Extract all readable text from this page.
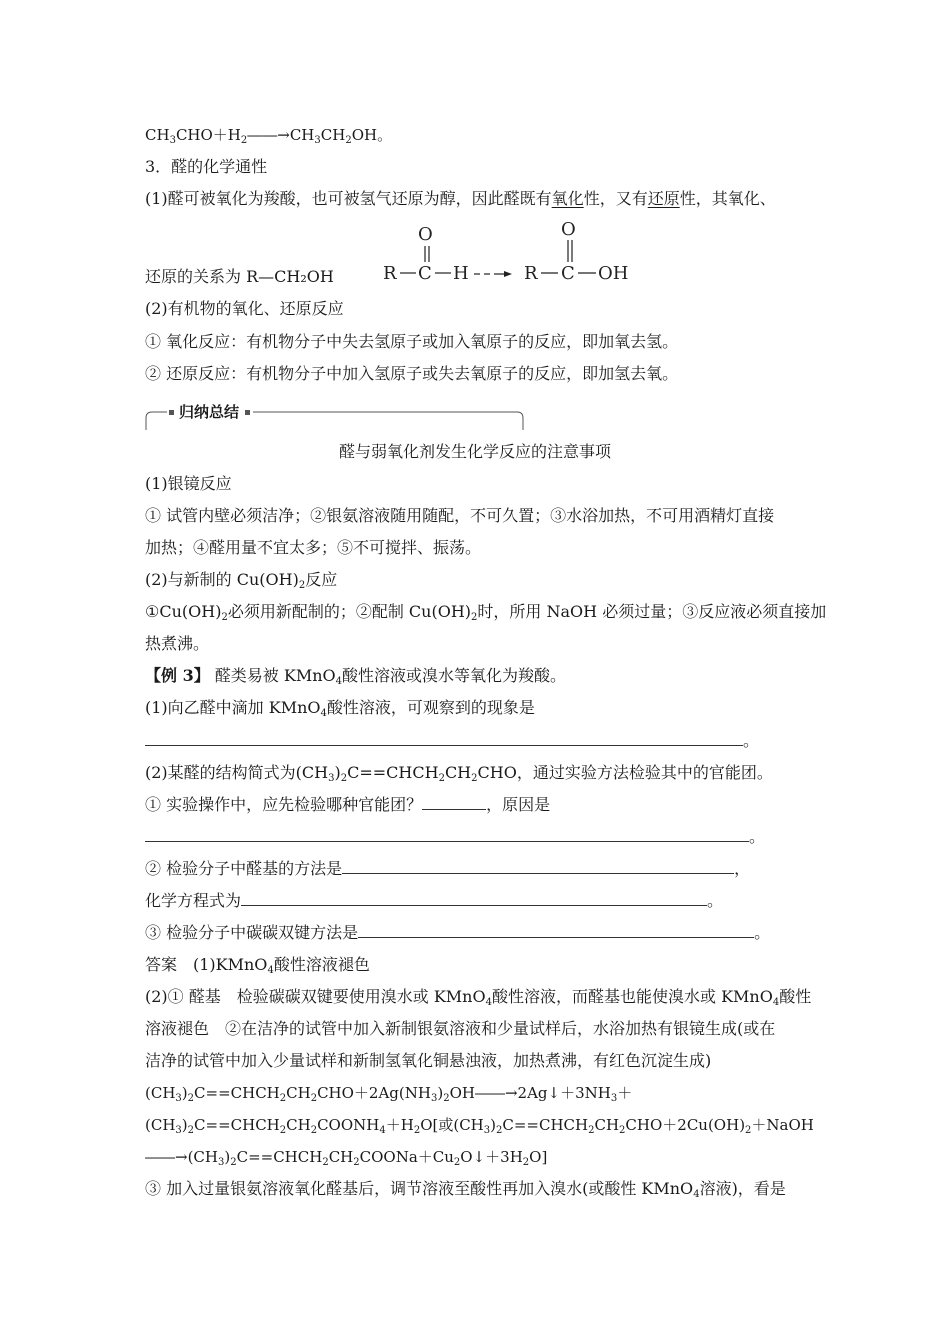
$CH_3CHO+H_2――\to CH_3CH_2OH$。
3．醛的化学通性
(1)醛可被氧化为羧酸，也可被氢气还原为醇，因此醛既有氧化性，又有还原性，其氧化、
还原的关系为 R—CH₂OH	R C
O
H	R C
O
OH
(2)有机物的氧化、还原反应
① 氧化反应：有机物分子中失去氢原子或加入氧原子的反应，即加氧去氢。
② 还原反应：有机物分子中加入氢原子或失去氧原子的反应，即加氢去氧。
归纳总结
醛与弱氧化剂发生化学反应的注意事项
(1)银镜反应
① 试管内壁必须洁净；②银氨溶液随用随配，不可久置；③水浴加热，不可用酒精灯直接
加热；④醛用量不宜太多；⑤不可搅拌、振荡。
(2)与新制的 $Cu(OH)_2$反应
$①Cu(OH)_2$必须用新配制的；②配制 $Cu(OH)_2$时，所用 NaOH 必须过量；③反应液必须直接加
热煮沸。
【例 3】 醛类易被 KMnO$_4$酸性溶液或溴水等氧化为羧酸。
(1)向乙醛中滴加 KMnO$_4$酸性溶液，可观察到的现象是
。
(2)某醛的结构简式为$(CH_3)_2C==CHCH_2CH_2CHO$，通过实验方法检验其中的官能团。
① 实验操作中，应先检验哪种官能团？	，原因是
。
② 检验分子中醛基的方法是	，
化学方程式为	。
③ 检验分子中碳碳双键方法是	。
答案　(1)KMnO$_4$酸性溶液褪色
(2)① 醛基　检验碳碳双键要使用溴水或 KMnO$_4$酸性溶液，而醛基也能使溴水或 KMnO$_4$酸性
溶液褪色　②在洁净的试管中加入新制银氨溶液和少量试样后，水浴加热有银镜生成(或在
洁净的试管中加入少量试样和新制氢氧化铜悬浊液，加热煮沸，有红色沉淀生成)
$(CH_3)_2C==CHCH_2CH_2CHO+2Ag(NH_3)_2OH――\to 2Ag↓+3NH_3+$
$(CH_3)_2C==CHCH_2CH_2COONH_4+H_2O$[或$(CH_3)_2C==CHCH_2CH_2CHO+2Cu(OH)_2+NaOH$
$――\to(CH_3)_2C==CHCH_2CH_2COONa+Cu_2O↓+3H_2O$]
③ 加入过量银氨溶液氧化醛基后，调节溶液至酸性再加入溴水(或酸性 KMnO$_4$溶液)，看是
